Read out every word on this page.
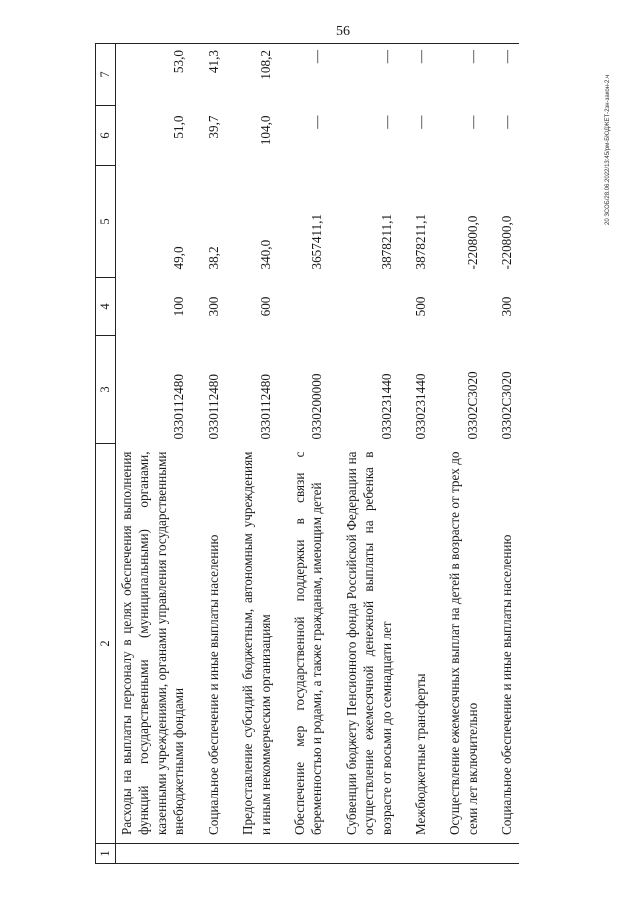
56
20 ЗСОБ/28.06.2022/13:45/рм-БЮДЖЕТ-2зн-закон-2.ч
1	2	3	4	5	6	7
	Расходы на выплаты персоналу в целях обеспечения выполнения функций государственными (муниципальными) органами, казенными учреждениями, органами управления государственными внебюджетными фондами	0330112480	100	49,0	51,0	53,0
	Социальное обеспечение и иные выплаты населению	0330112480	300	38,2	39,7	41,3
	Предоставление субсидий бюджетным, автономным учреждениям и иным некоммерческим организациям	0330112480	600	340,0	104,0	108,2
	Обеспечение мер государственной поддержки в связи с беременностью и родами, а также гражданам, имеющим детей	0330200000		3657411,1	—	—
	Субвенции бюджету Пенсионного фонда Российской Федерации на осуществление ежемесячной денежной выплаты на ребенка в возрасте от восьми до семнадцати лет	0330231440		3878211,1	—	—
	Межбюджетные трансферты	0330231440	500	3878211,1	—	—
	Осуществление ежемесячных выплат на детей в возрасте от трех до семи лет включительно	03302С3020		-220800,0	—	—
	Социальное обеспечение и иные выплаты населению	03302С3020	300	-220800,0	—	—
